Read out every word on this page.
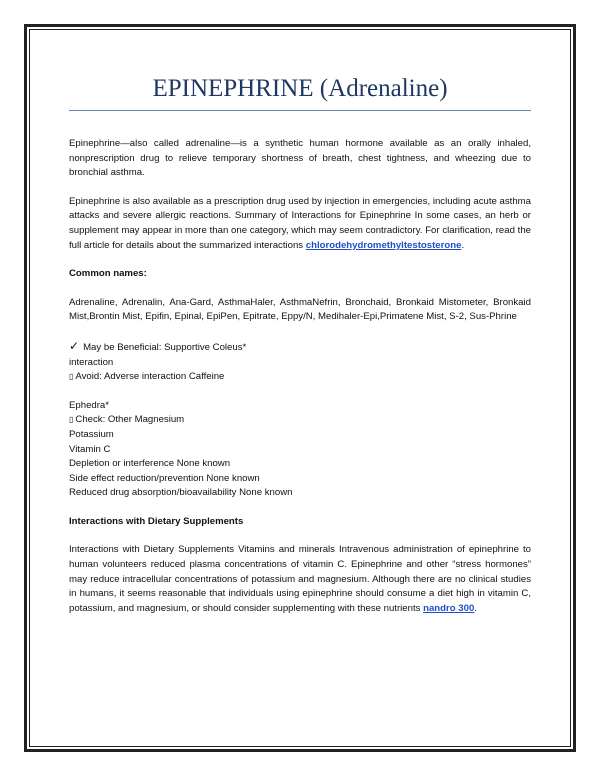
EPINEPHRINE (Adrenaline)

Epinephrine—also called adrenaline—is a synthetic human hormone available as an orally inhaled, nonprescription drug to relieve temporary shortness of breath, chest tightness, and wheezing due to bronchial asthma.

Epinephrine is also available as a prescription drug used by injection in emergencies, including acute asthma attacks and severe allergic reactions. Summary of Interactions for Epinephrine In some cases, an herb or supplement may appear in more than one category, which may seem contradictory. For clarification, read the full article for details about the summarized interactions chlorodehydromethyltestosterone.

Common names:

Adrenaline, Adrenalin, Ana-Gard, AsthmaHaler, AsthmaNefrin, Bronchaid, Bronkaid Mistometer, Bronkaid Mist,Brontin Mist, Epifin, Epinal, EpiPen, Epitrate, Eppy/N, Medihaler-Epi,Primatene Mist, S-2, Sus-Phrine

✓ May be Beneficial: Supportive Coleus*

interaction

▯ Avoid: Adverse interaction Caffeine

Ephedra*

▯ Check: Other Magnesium

Potassium

Vitamin C

Depletion or interference None known

Side effect reduction/prevention None known

Reduced drug absorption/bioavailability None known

Interactions with Dietary Supplements

Interactions with Dietary Supplements Vitamins and minerals Intravenous administration of epinephrine to human volunteers reduced plasma concentrations of vitamin C. Epinephrine and other “stress hormones” may reduce intracellular concentrations of potassium and magnesium. Although there are no clinical studies in humans, it seems reasonable that individuals using epinephrine should consume a diet high in vitamin C, potassium, and magnesium, or should consider supplementing with these nutrients nandro 300.
